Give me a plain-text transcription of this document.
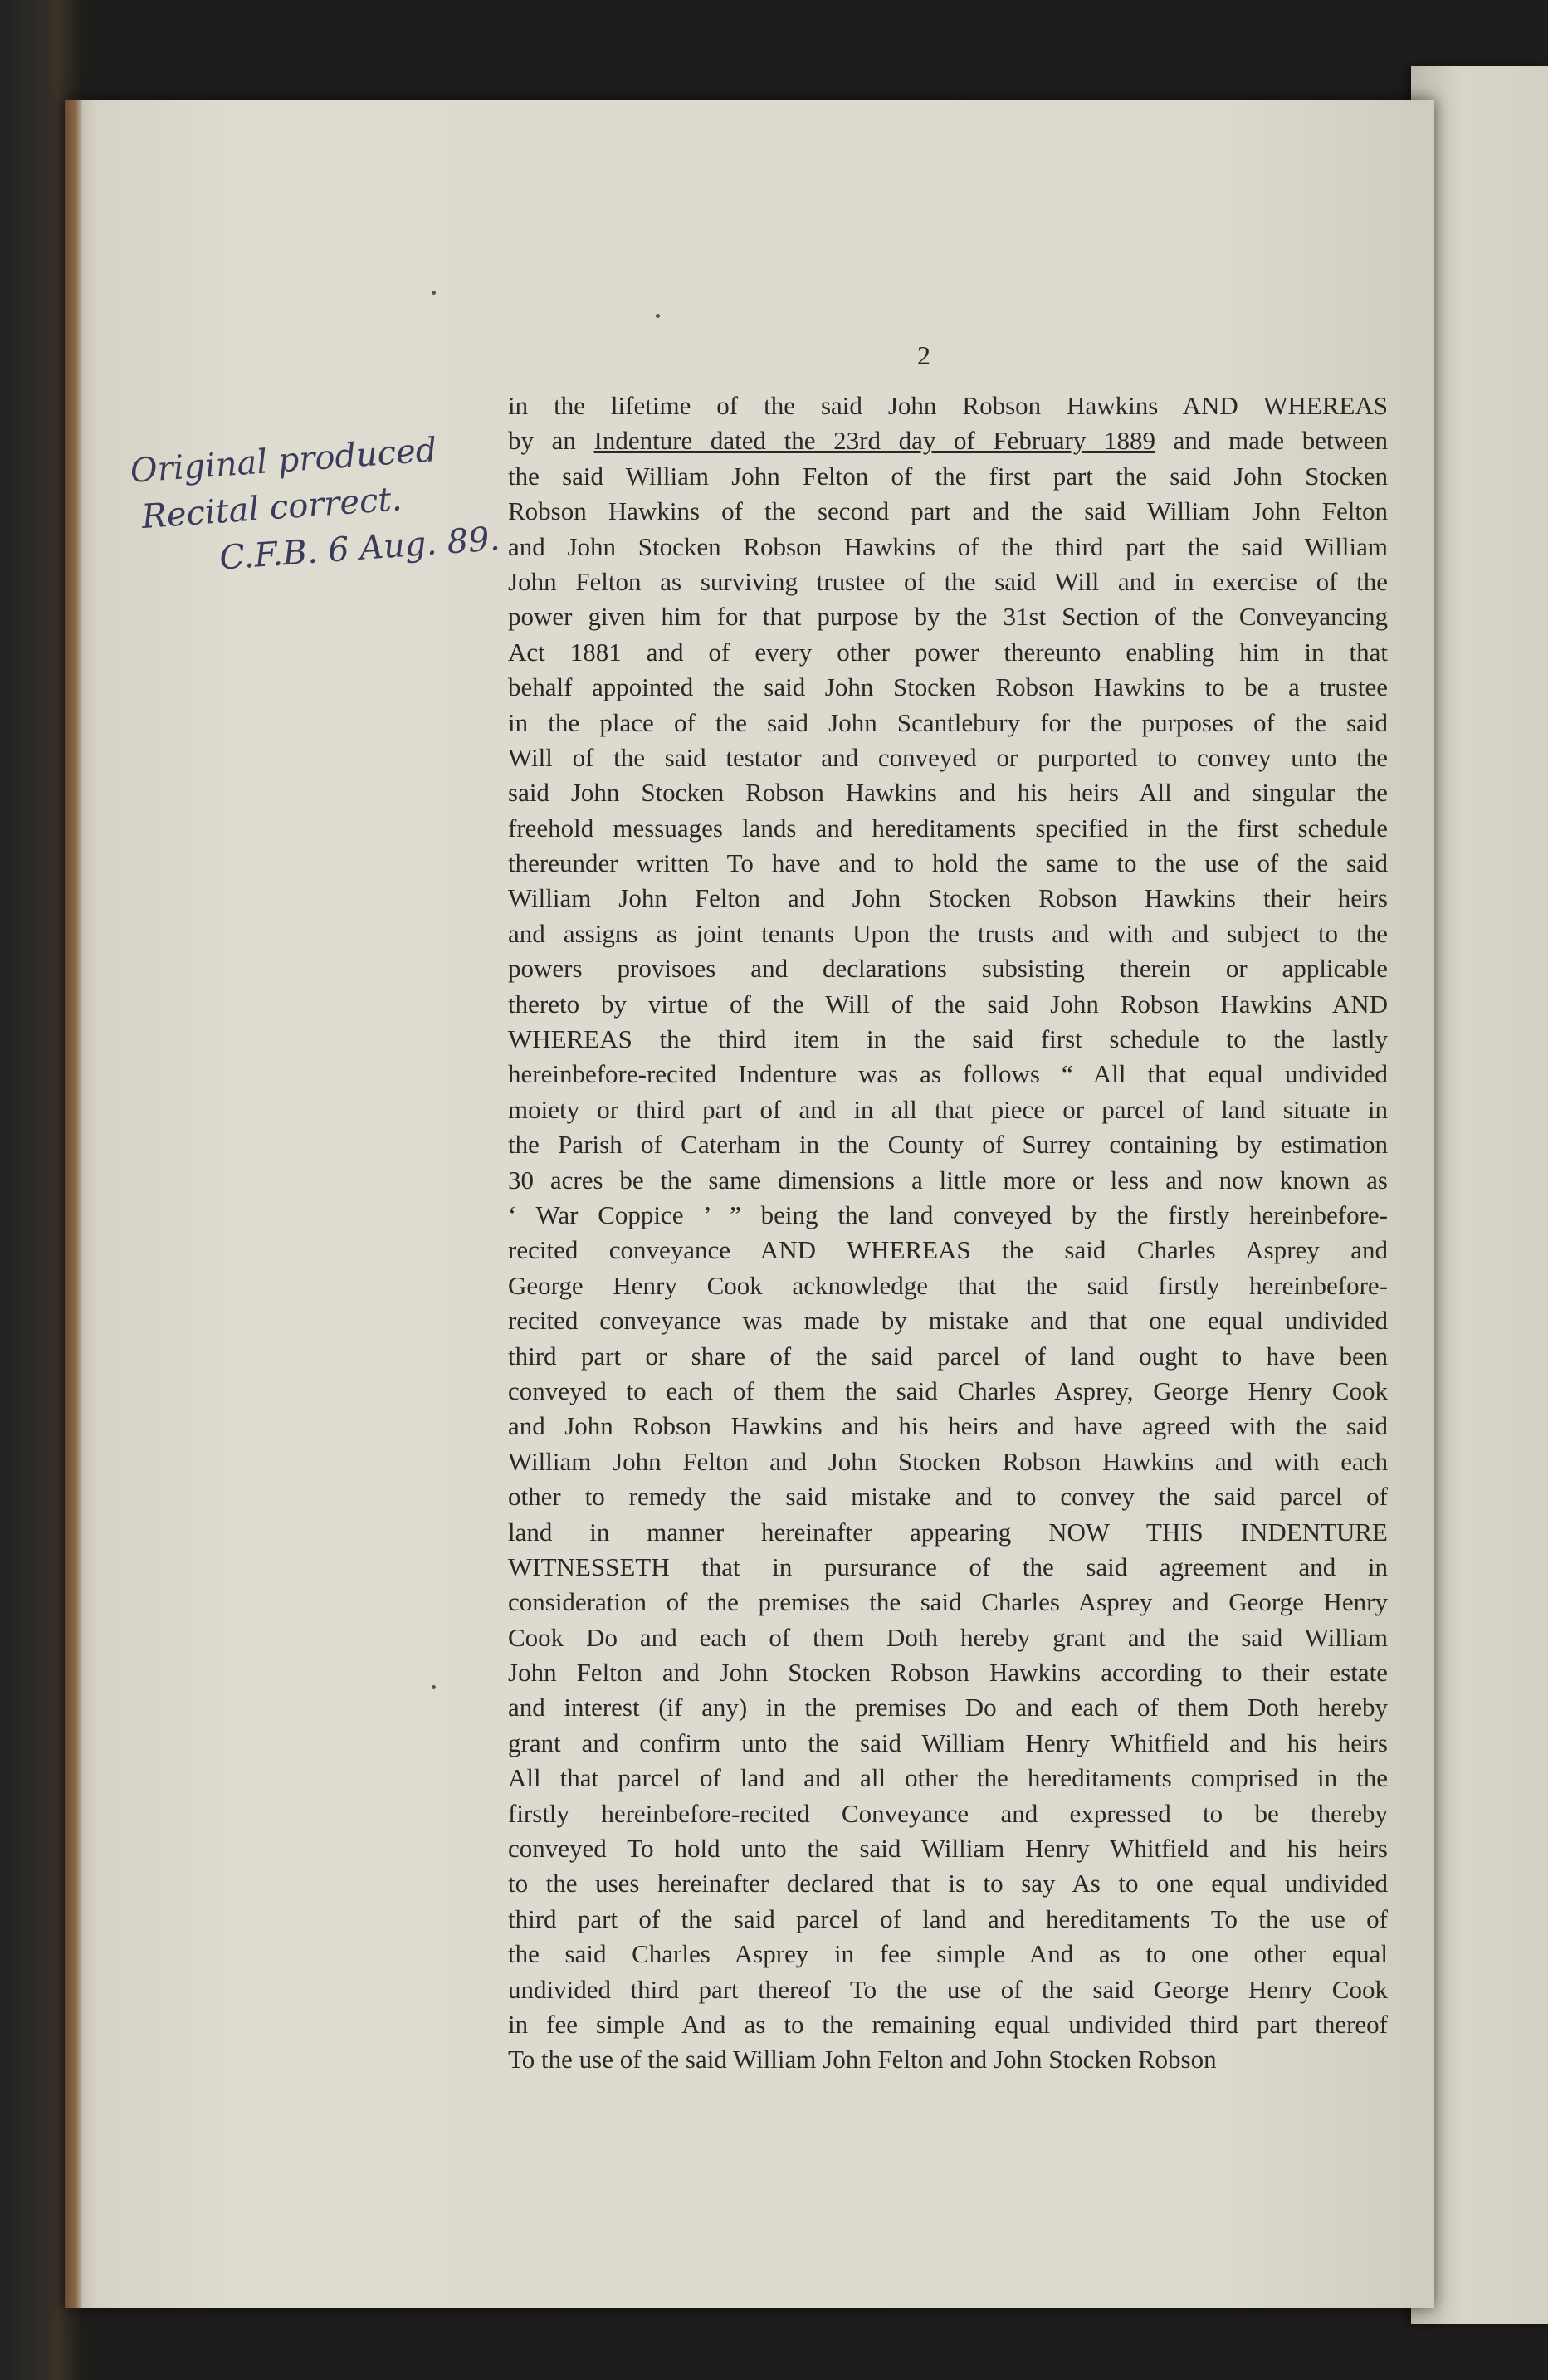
2
Original produced
Recital correct.
C.F.B. 6 Aug. 89.
in the lifetime of the said John Robson Hawkins AND WHEREAS
by an Indenture dated the 23rd day of February 1889 and made between
the said William John Felton of the first part the said John Stocken
Robson Hawkins of the second part and the said William John Felton
and John Stocken Robson Hawkins of the third part the said William
John Felton as surviving trustee of the said Will and in exercise of the
power given him for that purpose by the 31st Section of the Conveyancing
Act 1881 and of every other power thereunto enabling him in that
behalf appointed the said John Stocken Robson Hawkins to be a trustee
in the place of the said John Scantlebury for the purposes of the said
Will of the said testator and conveyed or purported to convey unto the
said John Stocken Robson Hawkins and his heirs All and singular the
freehold messuages lands and hereditaments specified in the first schedule
thereunder written To have and to hold the same to the use of the said
William John Felton and John Stocken Robson Hawkins their heirs
and assigns as joint tenants Upon the trusts and with and subject to the
powers provisoes and declarations subsisting therein or applicable
thereto by virtue of the Will of the said John Robson Hawkins AND
WHEREAS the third item in the said first schedule to the lastly
hereinbefore-recited Indenture was as follows “ All that equal undivided
moiety or third part of and in all that piece or parcel of land situate in
the Parish of Caterham in the County of Surrey containing by estimation
30 acres be the same dimensions a little more or less and now known as
‘ War Coppice ’ ” being the land conveyed by the firstly hereinbefore-
recited conveyance AND WHEREAS the said Charles Asprey and
George Henry Cook acknowledge that the said firstly hereinbefore-
recited conveyance was made by mistake and that one equal undivided
third part or share of the said parcel of land ought to have been
conveyed to each of them the said Charles Asprey, George Henry Cook
and John Robson Hawkins and his heirs and have agreed with the said
William John Felton and John Stocken Robson Hawkins and with each
other to remedy the said mistake and to convey the said parcel of
land in manner hereinafter appearing NOW THIS INDENTURE
WITNESSETH that in pursurance of the said agreement and in
consideration of the premises the said Charles Asprey and George Henry
Cook Do and each of them Doth hereby grant and the said William
John Felton and John Stocken Robson Hawkins according to their estate
and interest (if any) in the premises Do and each of them Doth hereby
grant and confirm unto the said William Henry Whitfield and his heirs
All that parcel of land and all other the hereditaments comprised in the
firstly hereinbefore-recited Conveyance and expressed to be thereby
conveyed To hold unto the said William Henry Whitfield and his heirs
to the uses hereinafter declared that is to say As to one equal undivided
third part of the said parcel of land and hereditaments To the use of
the said Charles Asprey in fee simple And as to one other equal
undivided third part thereof To the use of the said George Henry Cook
in fee simple And as to the remaining equal undivided third part thereof
To the use of the said William John Felton and John Stocken Robson
